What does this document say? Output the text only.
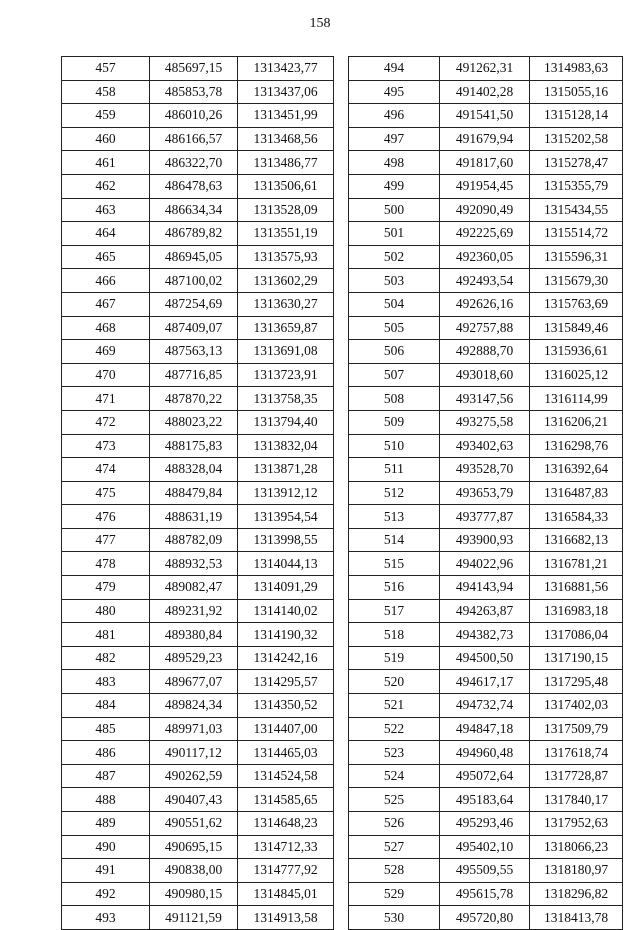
158
457	485697,15	1313423,77
458	485853,78	1313437,06
459	486010,26	1313451,99
460	486166,57	1313468,56
461	486322,70	1313486,77
462	486478,63	1313506,61
463	486634,34	1313528,09
464	486789,82	1313551,19
465	486945,05	1313575,93
466	487100,02	1313602,29
467	487254,69	1313630,27
468	487409,07	1313659,87
469	487563,13	1313691,08
470	487716,85	1313723,91
471	487870,22	1313758,35
472	488023,22	1313794,40
473	488175,83	1313832,04
474	488328,04	1313871,28
475	488479,84	1313912,12
476	488631,19	1313954,54
477	488782,09	1313998,55
478	488932,53	1314044,13
479	489082,47	1314091,29
480	489231,92	1314140,02
481	489380,84	1314190,32
482	489529,23	1314242,16
483	489677,07	1314295,57
484	489824,34	1314350,52
485	489971,03	1314407,00
486	490117,12	1314465,03
487	490262,59	1314524,58
488	490407,43	1314585,65
489	490551,62	1314648,23
490	490695,15	1314712,33
491	490838,00	1314777,92
492	490980,15	1314845,01
493	491121,59	1314913,58
494	491262,31	1314983,63
495	491402,28	1315055,16
496	491541,50	1315128,14
497	491679,94	1315202,58
498	491817,60	1315278,47
499	491954,45	1315355,79
500	492090,49	1315434,55
501	492225,69	1315514,72
502	492360,05	1315596,31
503	492493,54	1315679,30
504	492626,16	1315763,69
505	492757,88	1315849,46
506	492888,70	1315936,61
507	493018,60	1316025,12
508	493147,56	1316114,99
509	493275,58	1316206,21
510	493402,63	1316298,76
511	493528,70	1316392,64
512	493653,79	1316487,83
513	493777,87	1316584,33
514	493900,93	1316682,13
515	494022,96	1316781,21
516	494143,94	1316881,56
517	494263,87	1316983,18
518	494382,73	1317086,04
519	494500,50	1317190,15
520	494617,17	1317295,48
521	494732,74	1317402,03
522	494847,18	1317509,79
523	494960,48	1317618,74
524	495072,64	1317728,87
525	495183,64	1317840,17
526	495293,46	1317952,63
527	495402,10	1318066,23
528	495509,55	1318180,97
529	495615,78	1318296,82
530	495720,80	1318413,78
